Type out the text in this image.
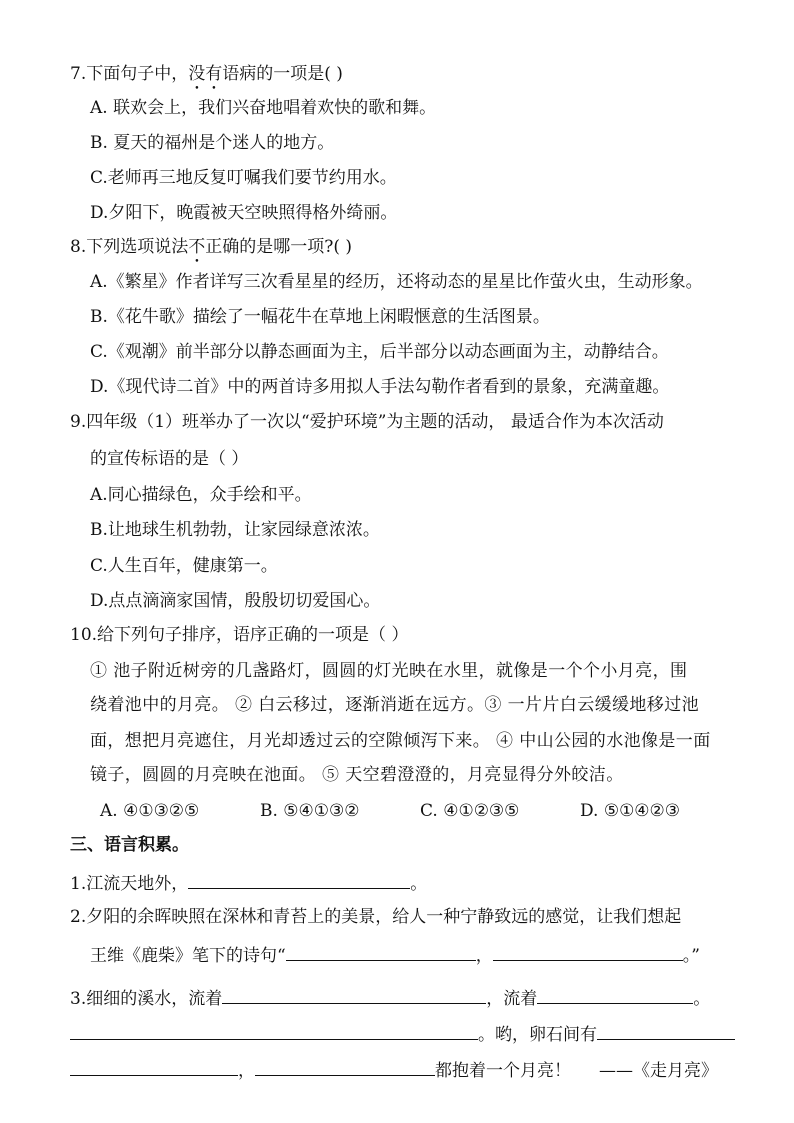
7.下面句子中，没有语病的一项是( )
A. 联欢会上，我们兴奋地唱着欢快的歌和舞。
B. 夏天的福州是个迷人的地方。
C.老师再三地反复叮嘱我们要节约用水。
D.夕阳下，晚霞被天空映照得格外绮丽。
8.下列选项说法不正确的是哪一项?( )
A.《繁星》作者详写三次看星星的经历，还将动态的星星比作萤火虫，生动形象。
B.《花牛歌》描绘了一幅花牛在草地上闲暇惬意的生活图景。
C.《观潮》前半部分以静态画面为主，后半部分以动态画面为主，动静结合。
D.《现代诗二首》中的两首诗多用拟人手法勾勒作者看到的景象，充满童趣。
9.四年级（1）班举办了一次以“爱护环境”为主题的活动， 最适合作为本次活动
的宣传标语的是（ ）
A.同心描绿色，众手绘和平。
B.让地球生机勃勃，让家园绿意浓浓。
C.人生百年，健康第一。
D.点点滴滴家国情，殷殷切切爱国心。
10.给下列句子排序，语序正确的一项是（ ）
① 池子附近树旁的几盏路灯，圆圆的灯光映在水里，就像是一个个小月亮，围
绕着池中的月亮。 ② 白云移过，逐渐消逝在远方。③ 一片片白云缓缓地移过池
面，想把月亮遮住，月光却透过云的空隙倾泻下来。 ④ 中山公园的水池像是一面
镜子，圆圆的月亮映在池面。 ⑤ 天空碧澄澄的，月亮显得分外皎洁。
A. ④①③②⑤	B. ⑤④①③②	C. ④①②③⑤	D. ⑤①④②③
三、语言积累。
1.江流天地外，	。
2.夕阳的余晖映照在深林和青苔上的美景，给人一种宁静致远的感觉，让我们想起
王维《鹿柴》笔下的诗句“	，	。”
3.细细的溪水，流着	，流着	。
。哟，卵石间有
，	都抱着一个月亮！ ——《走月亮》
